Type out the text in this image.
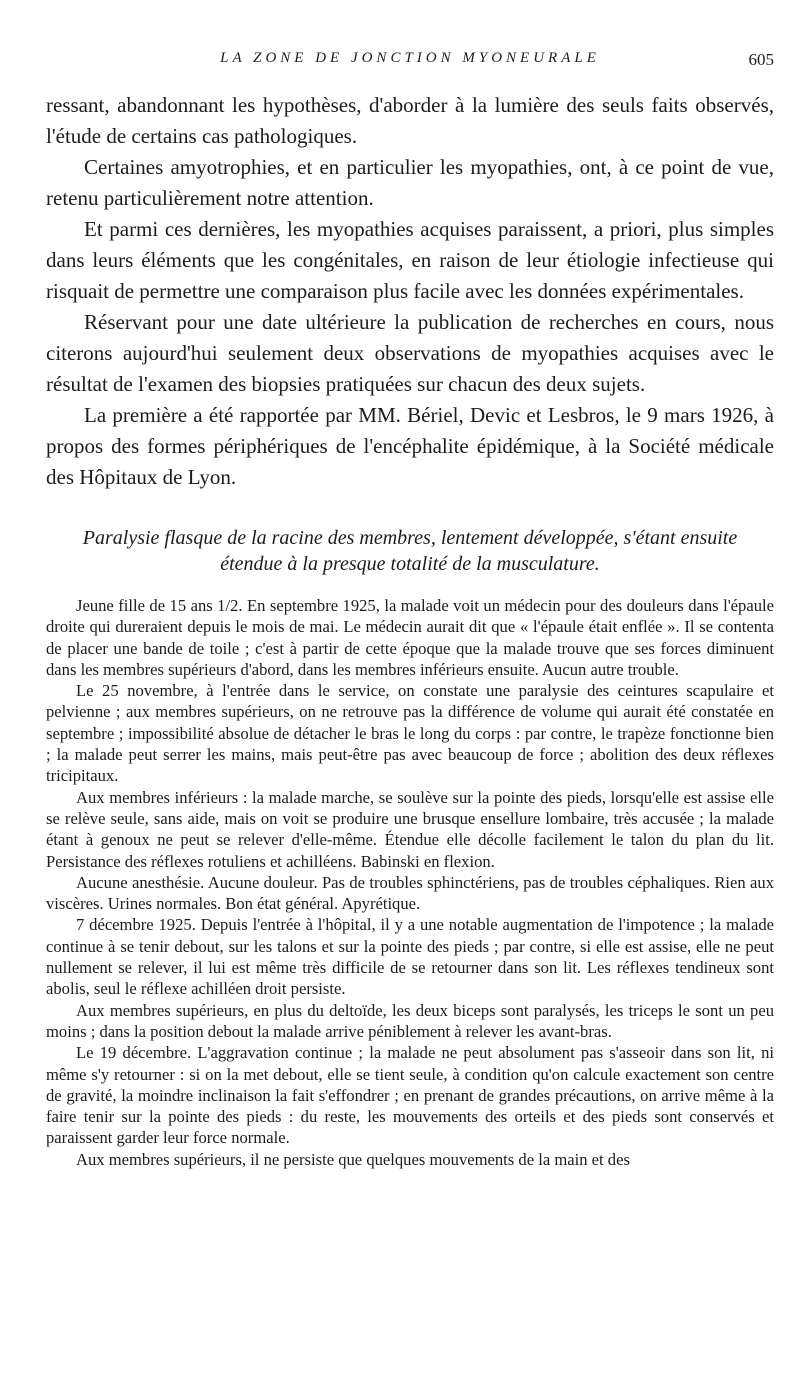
LA ZONE DE JONCTION MYONEURALE	605

ressant, abandonnant les hypothèses, d'aborder à la lumière des seuls faits observés, l'étude de certains cas pathologiques.

Certaines amyotrophies, et en particulier les myopathies, ont, à ce point de vue, retenu particulièrement notre attention.

Et parmi ces dernières, les myopathies acquises paraissent, a priori, plus simples dans leurs éléments que les congénitales, en raison de leur étiologie infectieuse qui risquait de permettre une comparaison plus facile avec les données expérimentales.

Réservant pour une date ultérieure la publication de recherches en cours, nous citerons aujourd'hui seulement deux observations de myopathies acquises avec le résultat de l'examen des biopsies pratiquées sur chacun des deux sujets.

La première a été rapportée par MM. Bériel, Devic et Lesbros, le 9 mars 1926, à propos des formes périphériques de l'encéphalite épidémique, à la Société médicale des Hôpitaux de Lyon.

Paralysie flasque de la racine des membres, lentement développée, s'étant ensuite étendue à la presque totalité de la musculature.

Jeune fille de 15 ans 1/2. En septembre 1925, la malade voit un médecin pour des douleurs dans l'épaule droite qui dureraient depuis le mois de mai. Le médecin aurait dit que « l'épaule était enflée ». Il se contenta de placer une bande de toile ; c'est à partir de cette époque que la malade trouve que ses forces diminuent dans les membres supérieurs d'abord, dans les membres inférieurs ensuite. Aucun autre trouble.

Le 25 novembre, à l'entrée dans le service, on constate une paralysie des ceintures scapulaire et pelvienne ; aux membres supérieurs, on ne retrouve pas la différence de volume qui aurait été constatée en septembre ; impossibilité absolue de détacher le bras le long du corps : par contre, le trapèze fonctionne bien ; la malade peut serrer les mains, mais peut-être pas avec beaucoup de force ; abolition des deux réflexes tricipitaux.

Aux membres inférieurs : la malade marche, se soulève sur la pointe des pieds, lorsqu'elle est assise elle se relève seule, sans aide, mais on voit se produire une brusque ensellure lombaire, très accusée ; la malade étant à genoux ne peut se relever d'elle-même. Étendue elle décolle facilement le talon du plan du lit. Persistance des réflexes rotuliens et achilléens. Babinski en flexion.

Aucune anesthésie. Aucune douleur. Pas de troubles sphinctériens, pas de troubles céphaliques. Rien aux viscères. Urines normales. Bon état général. Apyrétique.

7 décembre 1925. Depuis l'entrée à l'hôpital, il y a une notable augmentation de l'impotence ; la malade continue à se tenir debout, sur les talons et sur la pointe des pieds ; par contre, si elle est assise, elle ne peut nullement se relever, il lui est même très difficile de se retourner dans son lit. Les réflexes tendineux sont abolis, seul le réflexe achilléen droit persiste.

Aux membres supérieurs, en plus du deltoïde, les deux biceps sont paralysés, les triceps le sont un peu moins ; dans la position debout la malade arrive péniblement à relever les avant-bras.

Le 19 décembre. L'aggravation continue ; la malade ne peut absolument pas s'asseoir dans son lit, ni même s'y retourner : si on la met debout, elle se tient seule, à condition qu'on calcule exactement son centre de gravité, la moindre inclinaison la fait s'effondrer ; en prenant de grandes précautions, on arrive même à la faire tenir sur la pointe des pieds : du reste, les mouvements des orteils et des pieds sont conservés et paraissent garder leur force normale.

Aux membres supérieurs, il ne persiste que quelques mouvements de la main et des
